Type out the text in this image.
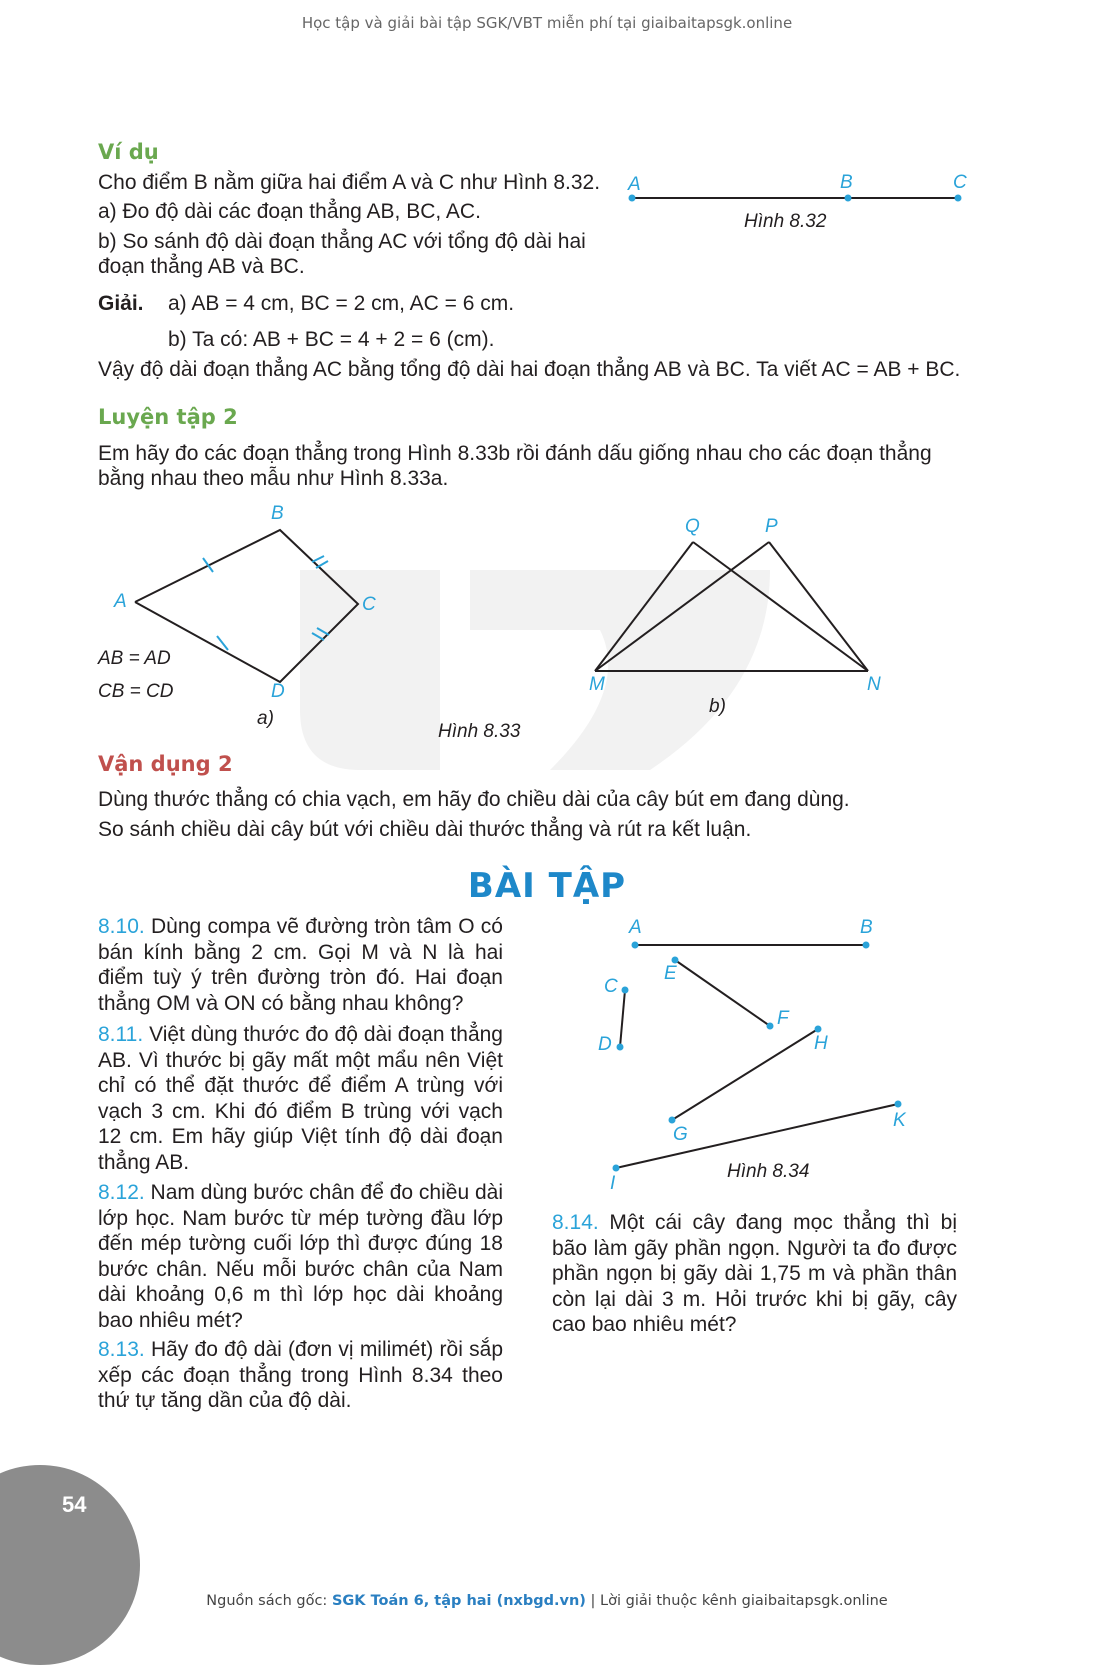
Học tập và giải bài tập SGK/VBT miễn phí tại giaibaitapsgk.online
Ví dụ
Cho điểm B nằm giữa hai điểm A và C như Hình 8.32.
a) Đo độ dài các đoạn thẳng AB, BC, AC.
b) So sánh độ dài đoạn thẳng AC với tổng độ dài hai
đoạn thẳng AB và BC.
Giải. a) AB = 4 cm, BC = 2 cm, AC = 6 cm.
b) Ta có: AB + BC = 4 + 2 = 6 (cm).
Vậy độ dài đoạn thẳng AC bằng tổng độ dài hai đoạn thẳng AB và BC. Ta viết AC = AB + BC.
A	B	C
Hình 8.32
Luyện tập 2
Em hãy đo các đoạn thẳng trong Hình 8.33b rồi đánh dấu giống nhau cho các đoạn thẳng
bằng nhau theo mẫu như Hình 8.33a.
B
A	C
D
AB = AD
CB = CD
a)
Q	P
M	N
b)
Hình 8.33
Vận dụng 2
Dùng thước thẳng có chia vạch, em hãy đo chiều dài của cây bút em đang dùng.
So sánh chiều dài cây bút với chiều dài thước thẳng và rút ra kết luận.
BÀI TẬP
8.10. Dùng compa vẽ đường tròn tâm O có bán kính bằng 2 cm. Gọi M và N là hai điểm tuỳ ý trên đường tròn đó. Hai đoạn thẳng OM và ON có bằng nhau không?
8.11. Việt dùng thước đo độ dài đoạn thẳng AB. Vì thước bị gãy mất một mẩu nên Việt chỉ có thể đặt thước để điểm A trùng với vạch 3 cm. Khi đó điểm B trùng với vạch 12 cm. Em hãy giúp Việt tính độ dài đoạn thẳng AB.
8.12. Nam dùng bước chân để đo chiều dài lớp học. Nam bước từ mép tường đầu lớp đến mép tường cuối lớp thì được đúng 18 bước chân. Nếu mỗi bước chân của Nam dài khoảng 0,6 m thì lớp học dài khoảng bao nhiêu mét?
8.13. Hãy đo độ dài (đơn vị milimét) rồi sắp xếp các đoạn thẳng trong Hình 8.34 theo thứ tự tăng dần của độ dài.
A	B
C
D
E
F
H
G
K
I
Hình 8.34
8.14. Một cái cây đang mọc thẳng thì bị bão làm gãy phần ngọn. Người ta đo được phần ngọn bị gãy dài 1,75 m và phần thân còn lại dài 3 m. Hỏi trước khi bị gãy, cây cao bao nhiêu mét?
54
Nguồn sách gốc: SGK Toán 6, tập hai (nxbgd.vn) | Lời giải thuộc kênh giaibaitapsgk.online
